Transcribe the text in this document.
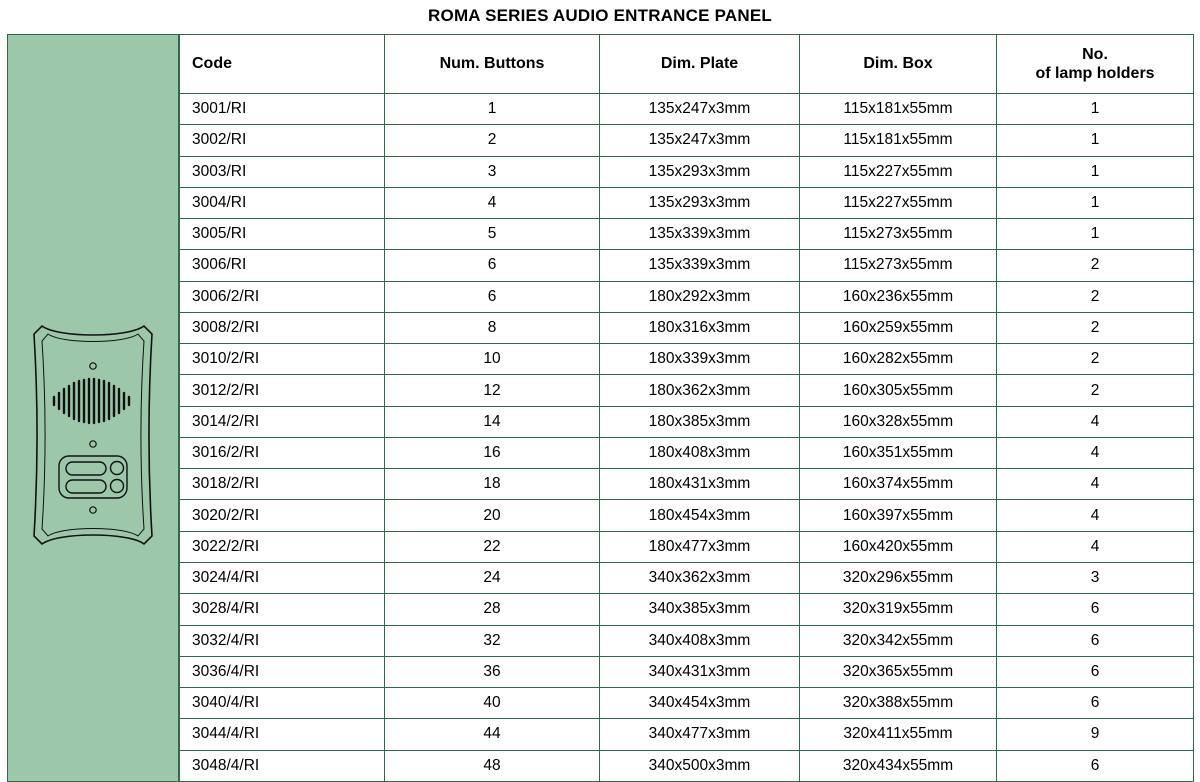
ROMA SERIES AUDIO ENTRANCE PANEL
Code	Num. Buttons	Dim. Plate	Dim. Box	No.
of lamp holders

3001/RI	1	135x247x3mm	115x181x55mm	1
3002/RI	2	135x247x3mm	115x181x55mm	1
3003/RI	3	135x293x3mm	115x227x55mm	1
3004/RI	4	135x293x3mm	115x227x55mm	1
3005/RI	5	135x339x3mm	115x273x55mm	1
3006/RI	6	135x339x3mm	115x273x55mm	2
3006/2/RI	6	180x292x3mm	160x236x55mm	2
3008/2/RI	8	180x316x3mm	160x259x55mm	2
3010/2/RI	10	180x339x3mm	160x282x55mm	2
3012/2/RI	12	180x362x3mm	160x305x55mm	2
3014/2/RI	14	180x385x3mm	160x328x55mm	4
3016/2/RI	16	180x408x3mm	160x351x55mm	4
3018/2/RI	18	180x431x3mm	160x374x55mm	4
3020/2/RI	20	180x454x3mm	160x397x55mm	4
3022/2/RI	22	180x477x3mm	160x420x55mm	4
3024/4/RI	24	340x362x3mm	320x296x55mm	3
3028/4/RI	28	340x385x3mm	320x319x55mm	6
3032/4/RI	32	340x408x3mm	320x342x55mm	6
3036/4/RI	36	340x431x3mm	320x365x55mm	6
3040/4/RI	40	340x454x3mm	320x388x55mm	6
3044/4/RI	44	340x477x3mm	320x411x55mm	9
3048/4/RI	48	340x500x3mm	320x434x55mm	6
